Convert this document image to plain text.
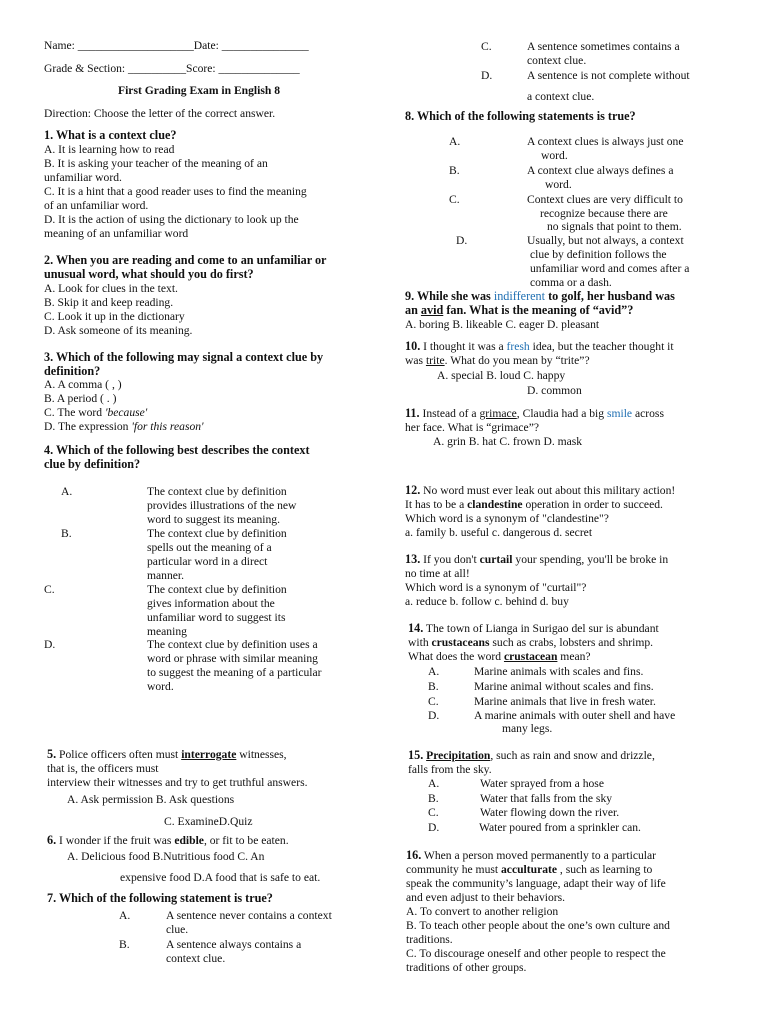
Name: ____________________Date: _______________
Grade & Section: __________Score: ______________
First Grading Exam in English 8
Direction: Choose the letter of the correct answer.
1. What is a context clue?
A. It is learning how to read
B. It is asking your teacher of the meaning of an
unfamiliar word.
C. It is a hint that a good reader uses to find the meaning
of an unfamiliar word.
D. It is the action of using the dictionary to look up the
meaning of an unfamiliar word
2. When you are reading and come to an unfamiliar or
unusual word, what should you do first?
A. Look for clues in the text.
B. Skip it and keep reading.
C. Look it up in the dictionary
D. Ask someone of its meaning.
3. Which of the following may signal a context clue by
definition?
A. A comma ( , )
B. A period ( . )
C. The word 'because'
D. The expression 'for this reason'
4. Which of the following best describes the context
clue by definition?
A.	The context clue by definition
provides illustrations of the new
word to suggest its meaning.
B.	The context clue by definition
spells out the meaning of a
particular word in a direct
manner.
C.	The context clue by definition
gives information about the
unfamiliar word to suggest its
meaning
D.	The context clue by definition uses a
word or phrase with similar meaning
to suggest the meaning of a particular
word.
5. Police officers often must interrogate witnesses,
that is, the officers must
interview their witnesses and try to get truthful answers.
A. Ask permission B. Ask questions
C. ExamineD.Quiz
6. I wonder if the fruit was edible, or fit to be eaten.
A. Delicious food B.Nutritious food C. An
expensive food D.A food that is safe to eat.
7. Which of the following statement is true?
A.	A sentence never contains a context
clue.
B.	A sentence always contains a
context clue.
C.	A sentence sometimes contains a
context clue.
D.	A sentence is not complete without
a context clue.
8. Which of the following statements is true?
A.	A context clues is always just one
word.
B.	A context clue always defines a
word.
C.	Context clues are very difficult to
recognize because there are
no signals that point to them.
D.	Usually, but not always, a context
clue by definition follows the
unfamiliar word and comes after a
comma or a dash.
9. While she was indifferent to golf, her husband was
an avid fan. What is the meaning of “avid”?
A. boring B. likeable C. eager D. pleasant
10. I thought it was a fresh idea, but the teacher thought it
was trite. What do you mean by “trite”?
A. special B. loud C. happy
D. common
11. Instead of a grimace, Claudia had a big smile across
her face. What is “grimace”?
A. grin B. hat C. frown D. mask
12. No word must ever leak out about this military action!
It has to be a clandestine operation in order to succeed.
Which word is a synonym of "clandestine"?
a. family b. useful c. dangerous d. secret
13. If you don't curtail your spending, you'll be broke in
no time at all!
Which word is a synonym of "curtail"?
a. reduce b. follow c. behind d. buy
14. The town of Lianga in Surigao del sur is abundant
with crustaceans such as crabs, lobsters and shrimp.
What does the word crustacean mean?
A.	Marine animals with scales and fins.
B.	Marine animal without scales and fins.
C.	Marine animals that live in fresh water.
D.	A marine animals with outer shell and have
many legs.
15. Precipitation, such as rain and snow and drizzle,
falls from the sky.
A.	Water sprayed from a hose
B.	Water that falls from the sky
C.	Water flowing down the river.
D.	Water poured from a sprinkler can.
16. When a person moved permanently to a particular
community he must acculturate , such as learning to
speak the community’s language, adapt their way of life
and even adjust to their behaviors.
A. To convert to another religion
B. To teach other people about the one’s own culture and
traditions.
C. To discourage oneself and other people to respect the
traditions of other groups.
